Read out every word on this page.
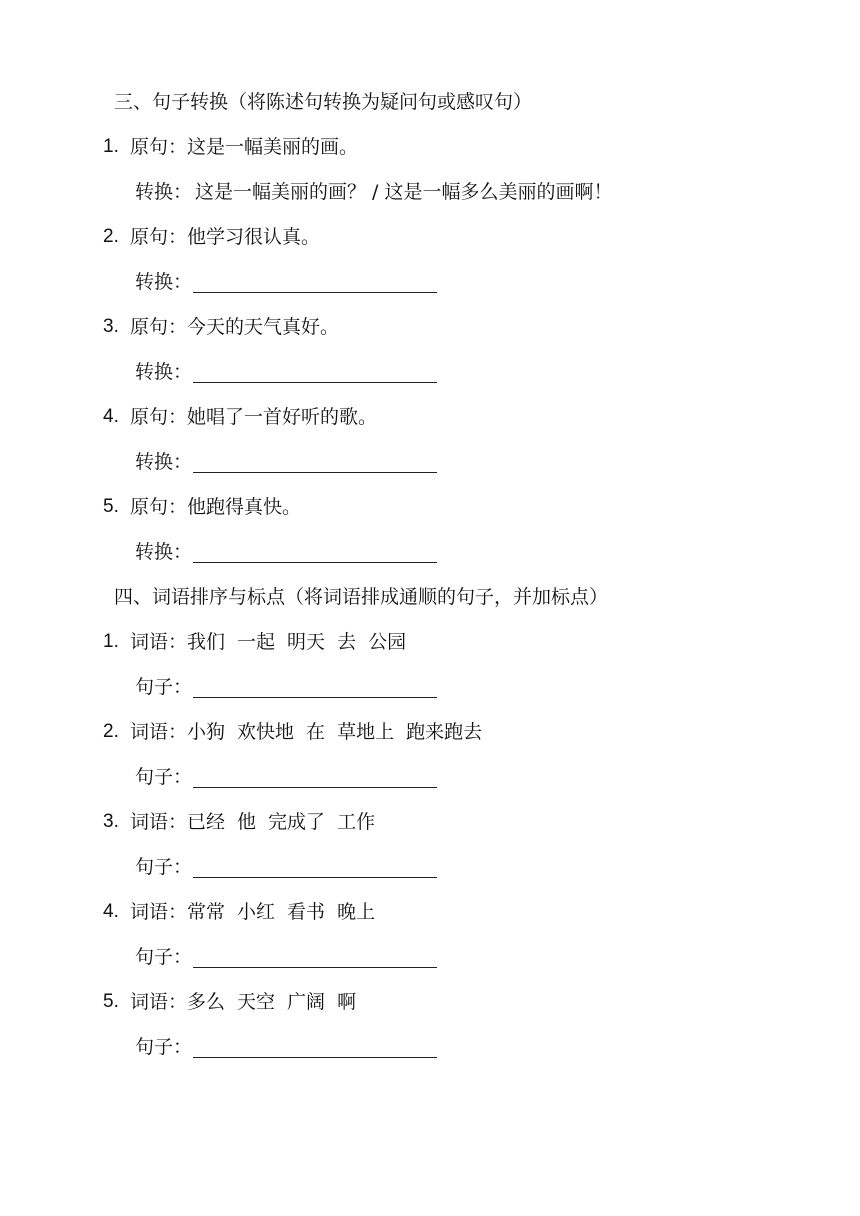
三、句子转换（将陈述句转换为疑问句或感叹句）
1. 原句：这是一幅美丽的画。
转换： 这是一幅美丽的画？ / 这是一幅多么美丽的画啊！
2. 原句：他学习很认真。
转换：
3. 原句：今天的天气真好。
转换：
4. 原句：她唱了一首好听的歌。
转换：
5. 原句：他跑得真快。
转换：
四、词语排序与标点（将词语排成通顺的句子，并加标点）
1. 词语：我们 一起 明天 去 公园
句子：
2. 词语：小狗 欢快地 在 草地上 跑来跑去
句子：
3. 词语：已经 他 完成了 工作
句子：
4. 词语：常常 小红 看书 晚上
句子：
5. 词语：多么 天空 广阔 啊
句子：
